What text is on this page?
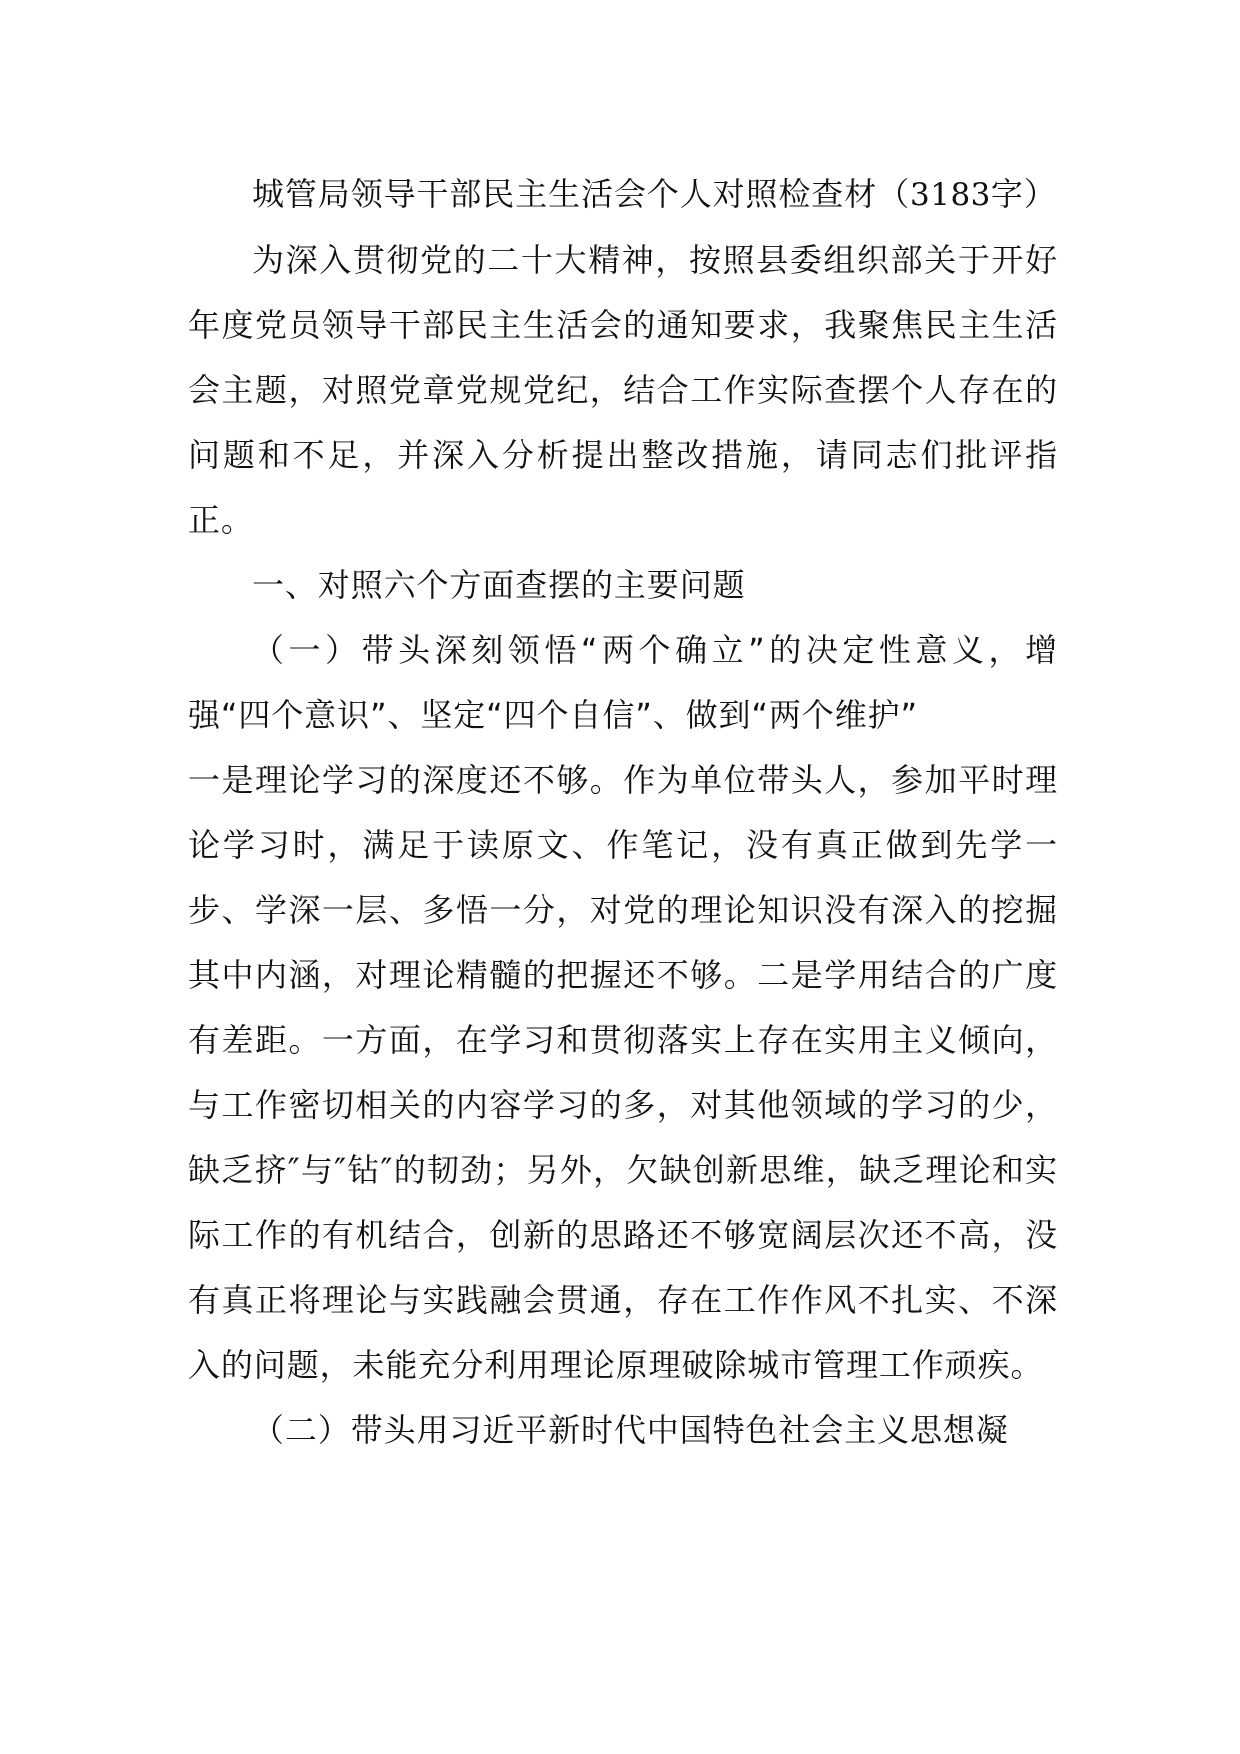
城管局领导干部民主生活会个人对照检查材（3183字）

为深入贯彻党的二十大精神，按照县委组织部关于开好年度党员领导干部民主生活会的通知要求，我聚焦民主生活会主题，对照党章党规党纪，结合工作实际查摆个人存在的问题和不足，并深入分析提出整改措施，请同志们批评指正。

一、对照六个方面查摆的主要问题

（一）带头深刻领悟“两个确立”的决定性意义，增强“四个意识”、坚定“四个自信”、做到“两个维护”

一是理论学习的深度还不够。作为单位带头人，参加平时理论学习时，满足于读原文、作笔记，没有真正做到先学一步、学深一层、多悟一分，对党的理论知识没有深入的挖掘其中内涵，对理论精髓的把握还不够。二是学用结合的广度有差距。一方面，在学习和贯彻落实上存在实用主义倾向，与工作密切相关的内容学习的多，对其他领域的学习的少，缺乏挤″与″钻″的韧劲；另外，欠缺创新思维，缺乏理论和实际工作的有机结合，创新的思路还不够宽阔层次还不高，没有真正将理论与实践融会贯通，存在工作作风不扎实、不深入的问题，未能充分利用理论原理破除城市管理工作顽疾。

（二）带头用习近平新时代中国特色社会主义思想凝
